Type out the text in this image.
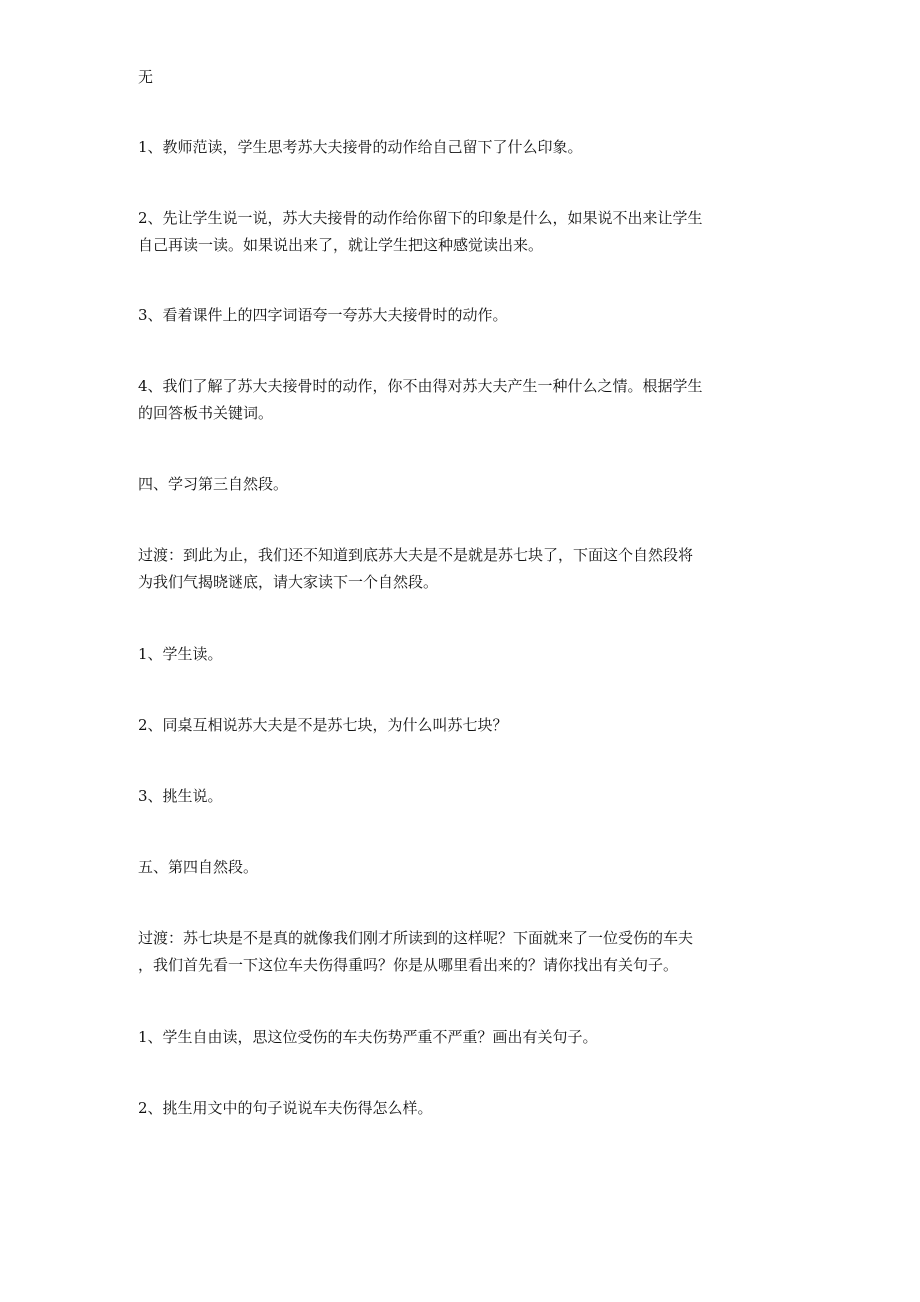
无

1、教师范读，学生思考苏大夫接骨的动作给自己留下了什么印象。

2、先让学生说一说，苏大夫接骨的动作给你留下的印象是什么，如果说不出来让学生
自己再读一读。如果说出来了，就让学生把这种感觉读出来。

3、看着课件上的四字词语夸一夸苏大夫接骨时的动作。

4、我们了解了苏大夫接骨时的动作，你不由得对苏大夫产生一种什么之情。根据学生
的回答板书关键词。

四、学习第三自然段。

过渡：到此为止，我们还不知道到底苏大夫是不是就是苏七块了，下面这个自然段将
为我们气揭晓谜底，请大家读下一个自然段。

1、学生读。

2、同桌互相说苏大夫是不是苏七块，为什么叫苏七块？

3、挑生说。

五、第四自然段。

过渡：苏七块是不是真的就像我们刚才所读到的这样呢？下面就来了一位受伤的车夫
，我们首先看一下这位车夫伤得重吗？你是从哪里看出来的？请你找出有关句子。

1、学生自由读，思这位受伤的车夫伤势严重不严重？画出有关句子。

2、挑生用文中的句子说说车夫伤得怎么样。
